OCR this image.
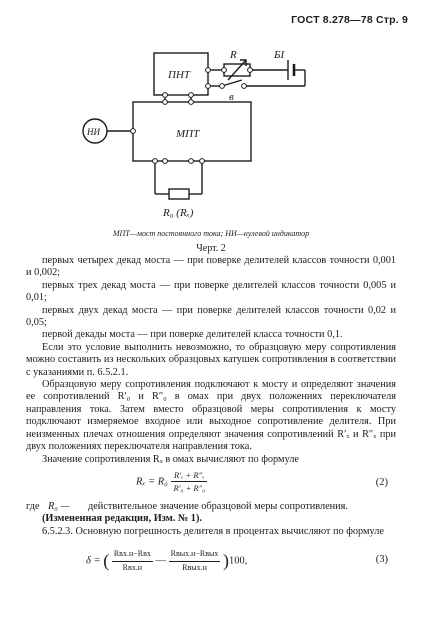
ГОСТ 8.278—78 Стр. 9
ПНТ
МПТ
НИ
R
в
БI
R₀ (Rₓ)
МПТ—мост постоянного тока; НИ—нулевой индикатор
Черт. 2

первых четырех декад моста — при поверке делителей классов точности 0,001 и 0,002;

первых трех декад моста — при поверке делителей классов точности 0,005 и 0,01;

первых двух декад моста — при поверке делителей классов точности 0,02 и 0,05;

первой декады моста — при поверке делителей класса точности 0,1.

Если это условие выполнить невозможно, то образцовую меру сопротивления можно составить из нескольких образцовых катушек сопротивления в соответствии с указаниями п. 6.5.2.1.

Образцовую меру сопротивления подключают к мосту и определяют значения ее сопротивлений R′₀ и R″₀ в омах при двух положениях переключателя направления тока. Затем вместо образцовой меры сопротивления к мосту подключают измеряемое входное или выходное сопротивление делителя. При неизменных плечах отношения определяют значения сопротивлений R′ₓ и R″ₓ при двух положениях переключателя направления тока.

Значение сопротивления Rₓ в омах вычисляют по формуле

$R_x = R_0 \frac{\text{R′ₓ + R″ₓ}}{\text{R′₀ + R″₀}}$	(2)
где R₀ —	действительное значение образцовой меры сопротивления.

(Измененная редакция, Изм. № 1).

6.5.2.3. Основную погрешность делителя в процентах вычисляют по формуле

δ = ( Rвх.н−Rвх
Rвх.н
—
Rвых.н−Rвых
Rвых.н )100,	(3)
